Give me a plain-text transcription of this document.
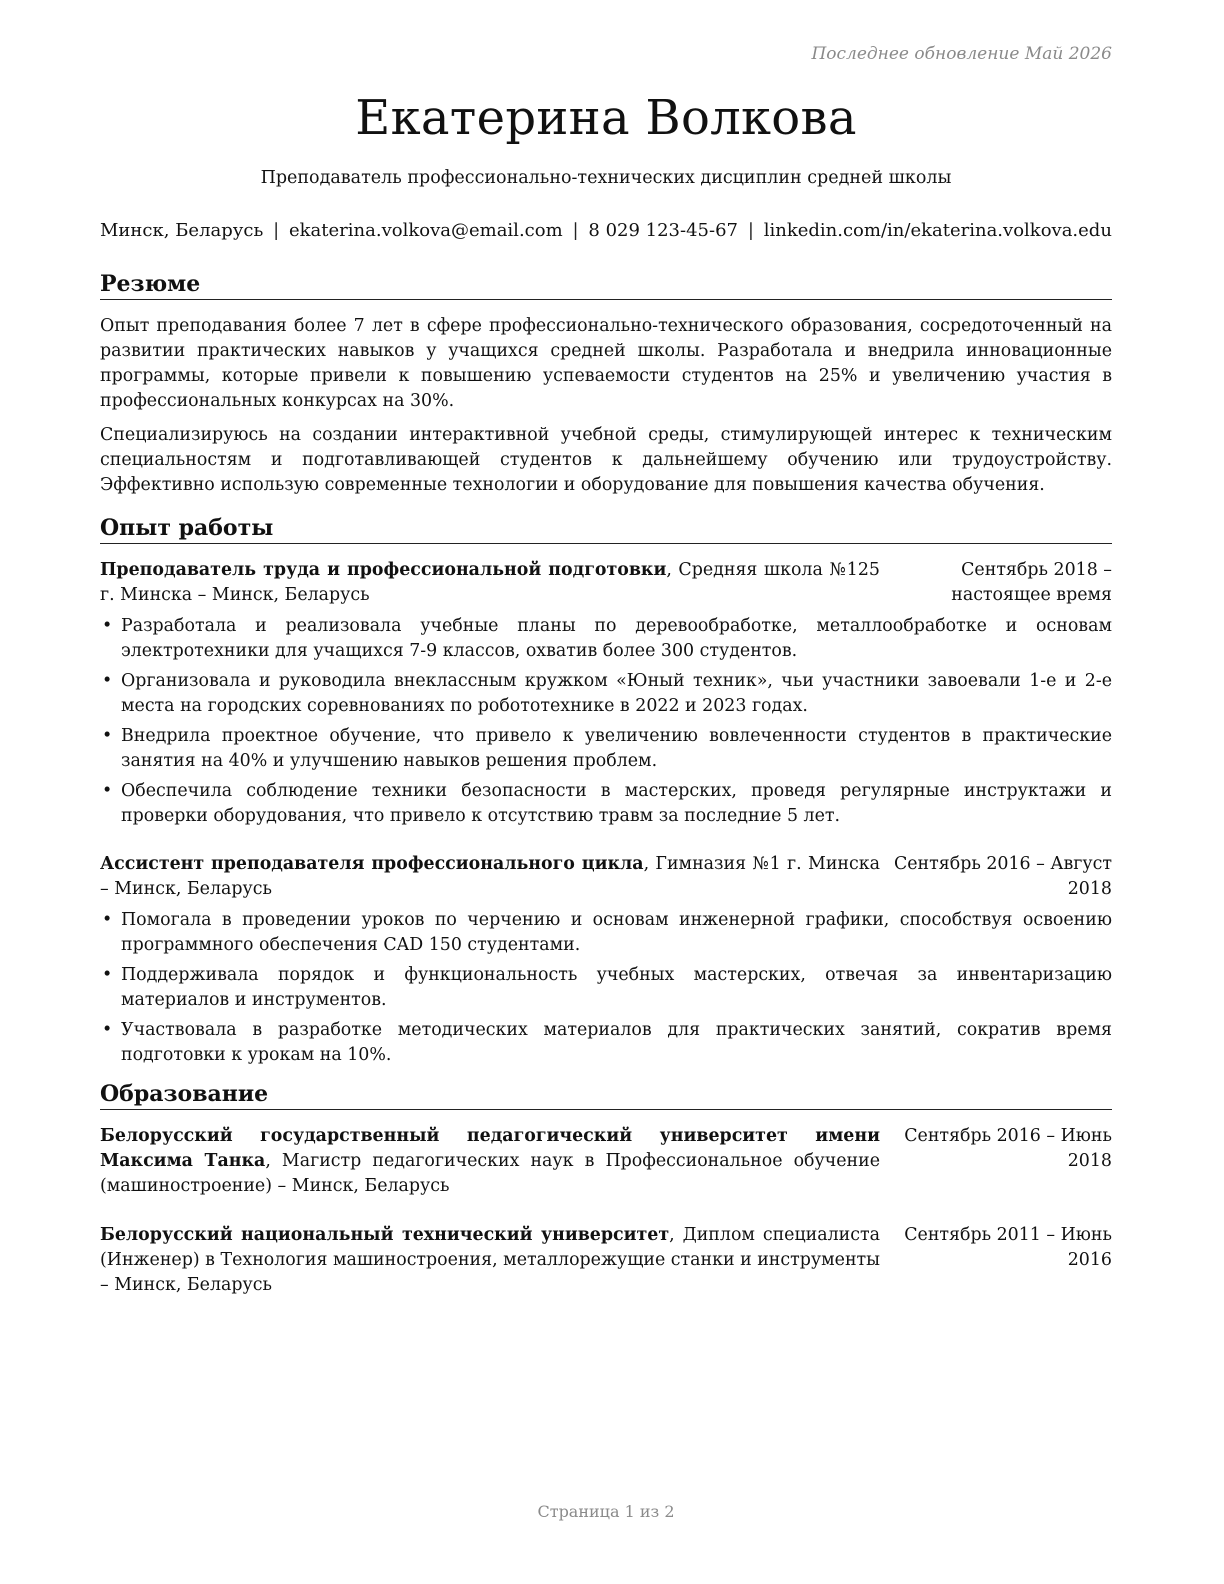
Последнее обновление Май 2026
Екатерина Волкова

Преподаватель профессионально-технических дисциплин средней школы

Минск, Беларусь | ekaterina.volkova@email.com | 8 029 123-45-67 | linkedin.com/in/ekaterina.volkova.edu
Резюме

Опыт преподавания более 7 лет в сфере профессионально-технического образования, сосредоточенный на развитии практических навыков у учащихся средней школы. Разработала и внедрила инновационные программы, которые привели к повышению успеваемости студентов на 25% и увеличению участия в профессиональных конкурсах на 30%.

Специализируюсь на создании интерактивной учебной среды, стимулирующей интерес к техническим специальностям и подготавливающей студентов к дальнейшему обучению или трудоустройству. Эффективно использую современные технологии и оборудование для повышения качества обучения.

Опыт работы
Преподаватель труда и профессиональной подготовки, Средняя школа №125 г. Минска – Минск, Беларусь
Сентябрь 2018 – настоящее время
• Разработала и реализовала учебные планы по деревообработке, металлообработке и основам электротехники для учащихся 7-9 классов, охватив более 300 студентов.
• Организовала и руководила внеклассным кружком «Юный техник», чьи участники завоевали 1-е и 2-е места на городских соревнованиях по робототехнике в 2022 и 2023 годах.
• Внедрила проектное обучение, что привело к увеличению вовлеченности студентов в практические занятия на 40% и улучшению навыков решения проблем.
• Обеспечила соблюдение техники безопасности в мастерских, проведя регулярные инструктажи и проверки оборудования, что привело к отсутствию травм за последние 5 лет.
Ассистент преподавателя профессионального цикла, Гимназия №1 г. Минска – Минск, Беларусь
Сентябрь 2016 – Август 2018
• Помогала в проведении уроков по черчению и основам инженерной графики, способствуя освоению программного обеспечения CAD 150 студентами.
• Поддерживала порядок и функциональность учебных мастерских, отвечая за инвентаризацию материалов и инструментов.
• Участвовала в разработке методических материалов для практических занятий, сократив время подготовки к урокам на 10%.
Образование
Белорусский государственный педагогический университет имени Максима Танка, Магистр педагогических наук в Профессиональное обучение (машиностроение) – Минск, Беларусь
Сентябрь 2016 – Июнь 2018
Белорусский национальный технический университет, Диплом специалиста (Инженер) в Технология машиностроения, металлорежущие станки и инструменты – Минск, Беларусь
Сентябрь 2011 – Июнь 2016
Страница 1 из 2
